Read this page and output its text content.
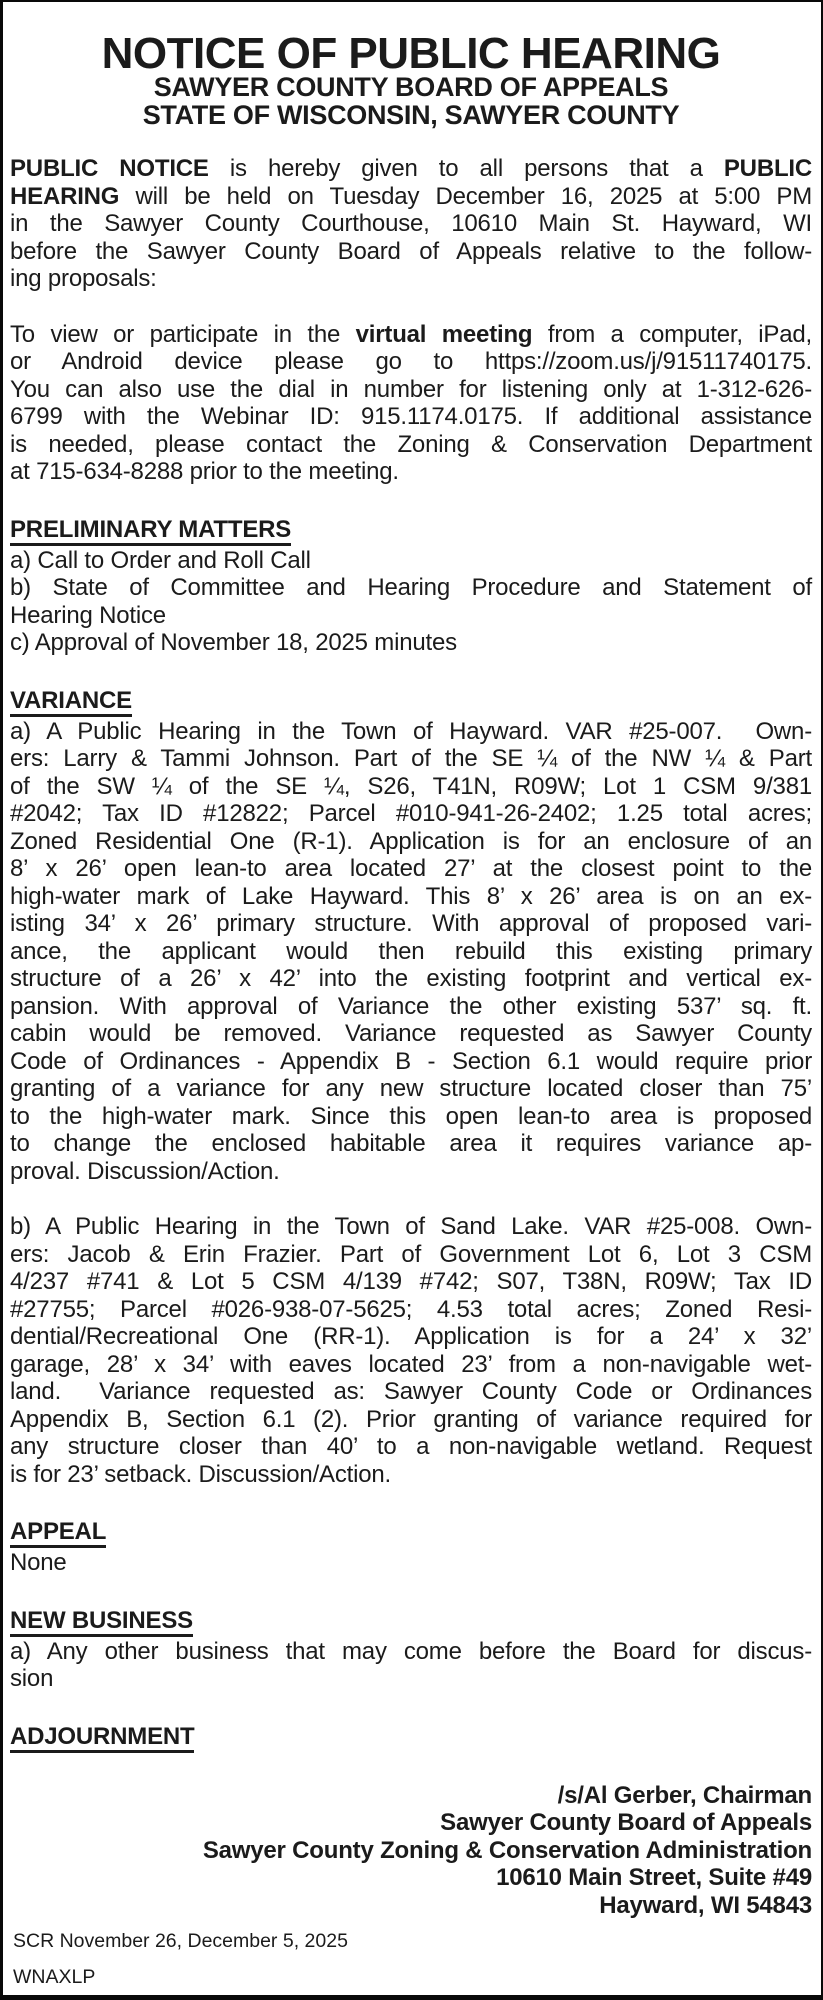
NOTICE OF PUBLIC HEARING
SAWYER COUNTY BOARD OF APPEALS
STATE OF WISCONSIN, SAWYER COUNTY
PUBLIC NOTICE is hereby given to all persons that a PUBLIC
HEARING will be held on Tuesday December 16, 2025 at 5:00 PM
in the Sawyer County Courthouse, 10610 Main St. Hayward, WI
before the Sawyer County Board of Appeals relative to the follow-
ing proposals:
To view or participate in the virtual meeting from a computer, iPad,
or Android device please go to https://zoom.us/j/91511740175.
You can also use the dial in number for listening only at 1-312-626-
6799 with the Webinar ID: 915.1174.0175. If additional assistance
is needed, please contact the Zoning & Conservation Department
at 715-634-8288 prior to the meeting.
PRELIMINARY MATTERS
a) Call to Order and Roll Call
b) State of Committee and Hearing Procedure and Statement of
Hearing Notice
c) Approval of November 18, 2025 minutes
VARIANCE
a) A Public Hearing in the Town of Hayward. VAR #25-007.  Own-
ers: Larry & Tammi Johnson. Part of the SE ¼ of the NW ¼ & Part
of the SW ¼ of the SE ¼, S26, T41N, R09W; Lot 1 CSM 9/381
#2042; Tax ID #12822; Parcel #010-941-26-2402; 1.25 total acres;
Zoned Residential One (R-1). Application is for an enclosure of an
8’ x 26’ open lean-to area located 27’ at the closest point to the
high-water mark of Lake Hayward. This 8’ x 26’ area is on an ex-
isting 34’ x 26’ primary structure. With approval of proposed vari-
ance, the applicant would then rebuild this existing primary
structure of a 26’ x 42’ into the existing footprint and vertical ex-
pansion. With approval of Variance the other existing 537’ sq. ft.
cabin would be removed. Variance requested as Sawyer County
Code of Ordinances - Appendix B - Section 6.1 would require prior
granting of a variance for any new structure located closer than 75’
to the high-water mark. Since this open lean-to area is proposed
to change the enclosed habitable area it requires variance ap-
proval. Discussion/Action.
b) A Public Hearing in the Town of Sand Lake. VAR #25-008. Own-
ers: Jacob & Erin Frazier. Part of Government Lot 6, Lot 3 CSM
4/237 #741 & Lot 5 CSM 4/139 #742; S07, T38N, R09W; Tax ID
#27755; Parcel #026-938-07-5625; 4.53 total acres; Zoned Resi-
dential/Recreational One (RR-1). Application is for a 24’ x 32’
garage, 28’ x 34’ with eaves located 23’ from a non-navigable wet-
land.  Variance requested as: Sawyer County Code or Ordinances
Appendix B, Section 6.1 (2). Prior granting of variance required for
any structure closer than 40’ to a non-navigable wetland. Request
is for 23’ setback. Discussion/Action.
APPEAL
None
NEW BUSINESS
a) Any other business that may come before the Board for discus-
sion
ADJOURNMENT
/s/Al Gerber, Chairman
Sawyer County Board of Appeals
Sawyer County Zoning & Conservation Administration
10610 Main Street, Suite #49
Hayward, WI 54843
SCR November 26, December 5, 2025
WNAXLP
